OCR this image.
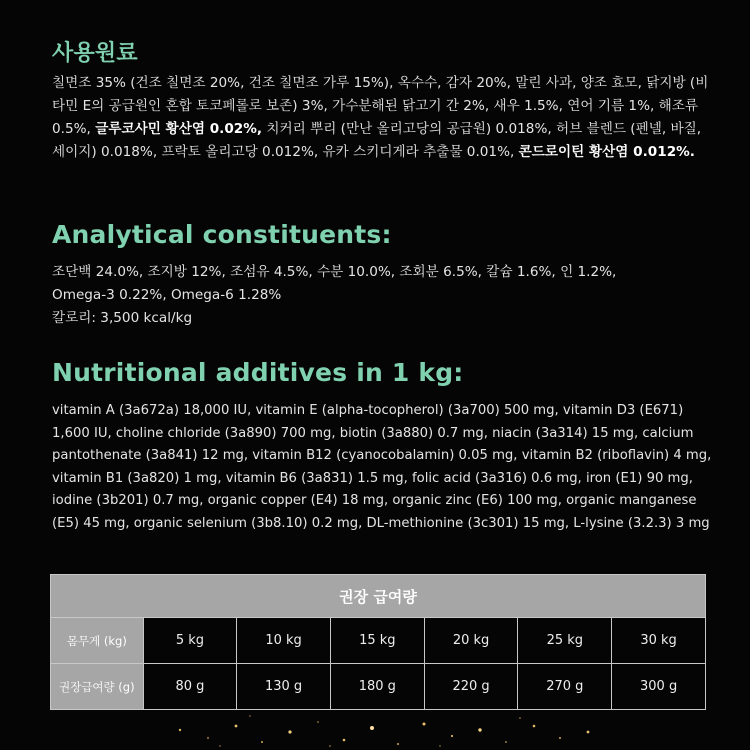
사용원료

칠면조 35% (건조 칠면조 20%, 건조 칠면조 가루 15%), 옥수수, 감자 20%, 말린 사과, 양조 효모, 닭지방 (비타민 E의 공급원인 혼합 토코페롤로 보존) 3%, 가수분해된 닭고기 간 2%, 새우 1.5%, 연어 기름 1%, 해조류 0.5%, 글루코사민 황산염 0.02%, 치커리 뿌리 (만난 올리고당의 공급원) 0.018%, 허브 블렌드 (펜넬, 바질, 세이지) 0.018%, 프락토 올리고당 0.012%, 유카 스키디게라 추출물 0.01%, 콘드로이틴 황산염 0.012%.

Analytical constituents:
조단백 24.0%, 조지방 12%, 조섬유 4.5%, 수분 10.0%, 조회분 6.5%, 칼슘 1.6%, 인 1.2%,
Omega-3 0.22%, Omega-6 1.28%
칼로리: 3,500 kcal/kg
Nutritional additives in 1 kg:

vitamin A (3a672a) 18,000 IU, vitamin E (alpha-tocopherol) (3a700) 500 mg, vitamin D3 (E671) 1,600 IU, choline chloride (3a890) 700 mg, biotin (3a880) 0.7 mg, niacin (3a314) 15 mg, calcium pantothenate (3a841) 12 mg, vitamin B12 (cyanocobalamin) 0.05 mg, vitamin B2 (riboflavin) 4 mg, vitamin B1 (3a820) 1 mg, vitamin B6 (3a831) 1.5 mg, folic acid (3a316) 0.6 mg, iron (E1) 90 mg, iodine (3b201) 0.7 mg, organic copper (E4) 18 mg, organic zinc (E6) 100 mg, organic manganese (E5) 45 mg, organic selenium (3b8.10) 0.2 mg, DL-methionine (3c301) 15 mg, L-lysine (3.2.3) 3 mg

권장 급여량						
몸무게 (kg)	5 kg	10 kg	15 kg	20 kg	25 kg	30 kg
권장급여량 (g)	80 g	130 g	180 g	220 g	270 g	300 g
